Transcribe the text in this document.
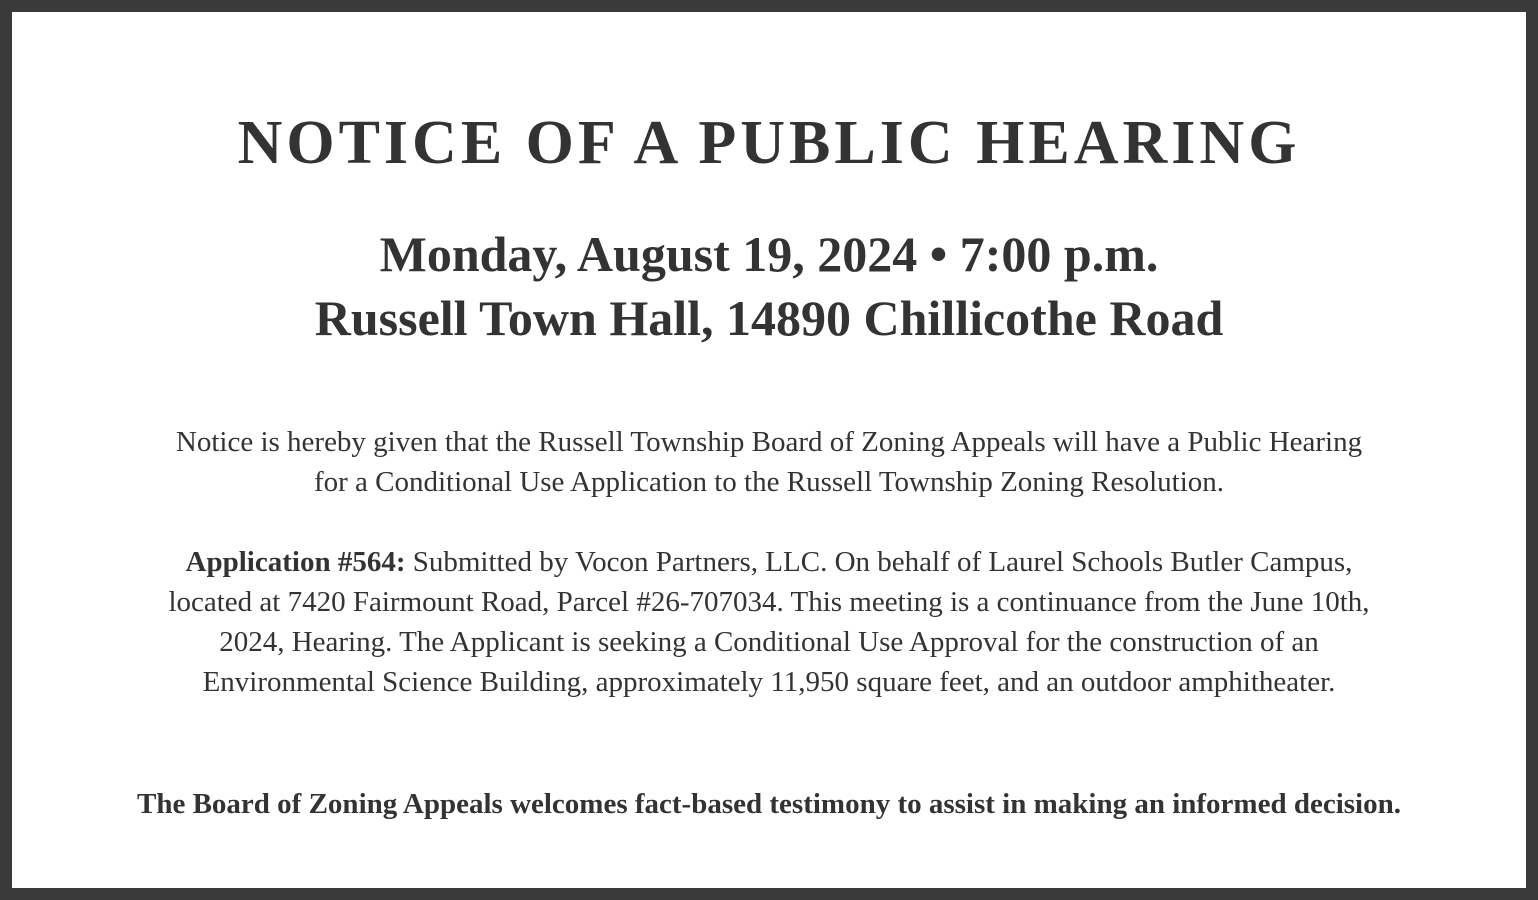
NOTICE OF A PUBLIC HEARING
Monday, August 19, 2024 • 7:00 p.m.
Russell Town Hall, 14890 Chillicothe Road

Notice is hereby given that the Russell Township Board of Zoning Appeals will have a Public Hearing
for a Conditional Use Application to the Russell Township Zoning Resolution.

Application #564: Submitted by Vocon Partners, LLC. On behalf of Laurel Schools Butler Campus,
located at 7420 Fairmount Road, Parcel #26-707034. This meeting is a continuance from the June 10th,
2024, Hearing. The Applicant is seeking a Conditional Use Approval for the construction of an
Environmental Science Building, approximately 11,950 square feet, and an outdoor amphitheater.

The Board of Zoning Appeals welcomes fact-based testimony to assist in making an informed decision.
